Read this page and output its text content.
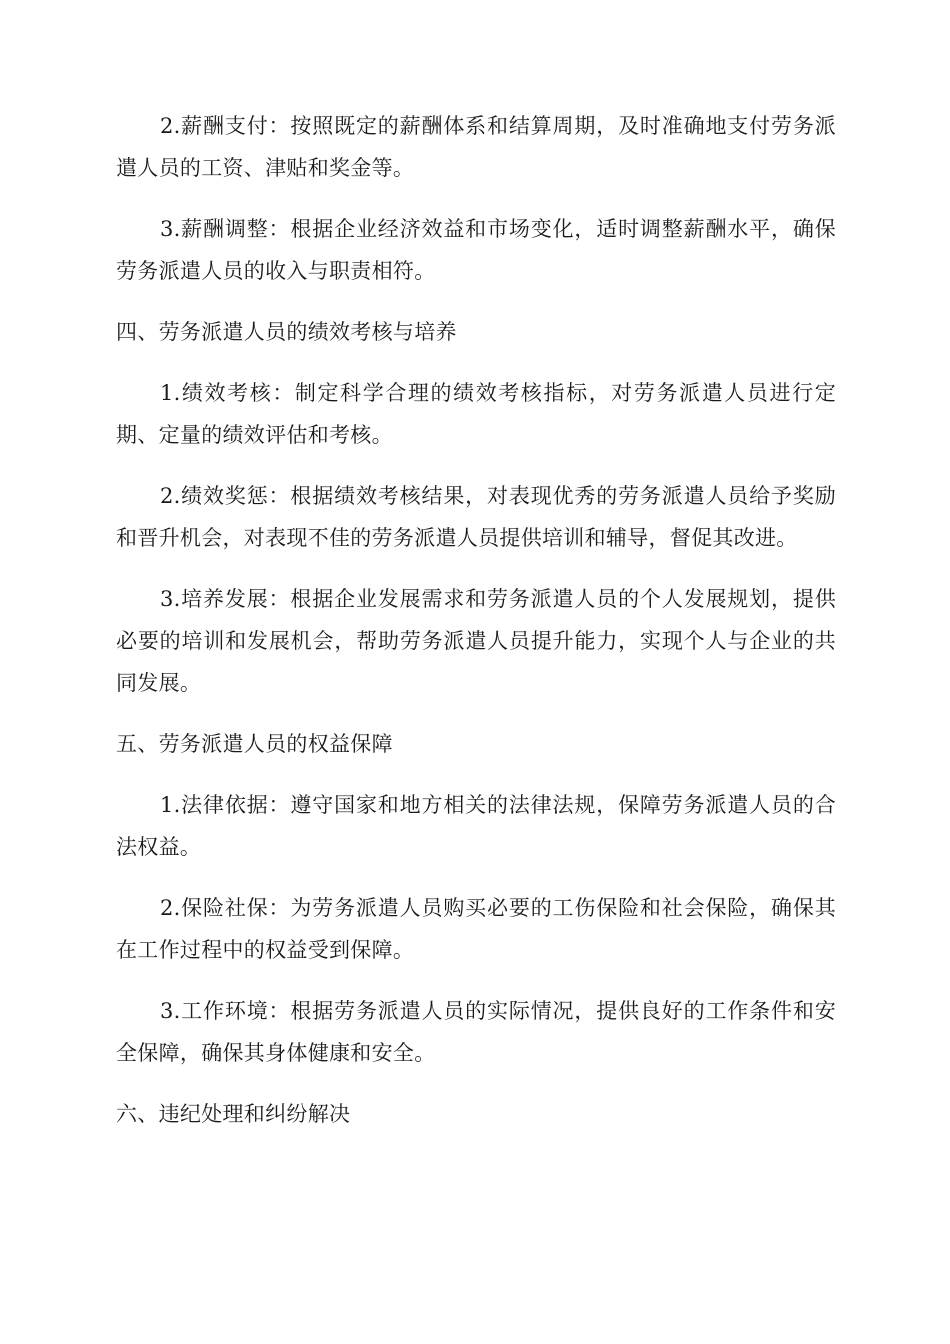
2.薪酬支付：按照既定的薪酬体系和结算周期，及时准确地支付劳务派遣人员的工资、津贴和奖金等。

3.薪酬调整：根据企业经济效益和市场变化，适时调整薪酬水平，确保劳务派遣人员的收入与职责相符。

四、劳务派遣人员的绩效考核与培养

1.绩效考核：制定科学合理的绩效考核指标，对劳务派遣人员进行定期、定量的绩效评估和考核。

2.绩效奖惩：根据绩效考核结果，对表现优秀的劳务派遣人员给予奖励和晋升机会，对表现不佳的劳务派遣人员提供培训和辅导，督促其改进。

3.培养发展：根据企业发展需求和劳务派遣人员的个人发展规划，提供必要的培训和发展机会，帮助劳务派遣人员提升能力，实现个人与企业的共同发展。

五、劳务派遣人员的权益保障

1.法律依据：遵守国家和地方相关的法律法规，保障劳务派遣人员的合法权益。

2.保险社保：为劳务派遣人员购买必要的工伤保险和社会保险，确保其在工作过程中的权益受到保障。

3.工作环境：根据劳务派遣人员的实际情况，提供良好的工作条件和安全保障，确保其身体健康和安全。

六、违纪处理和纠纷解决
